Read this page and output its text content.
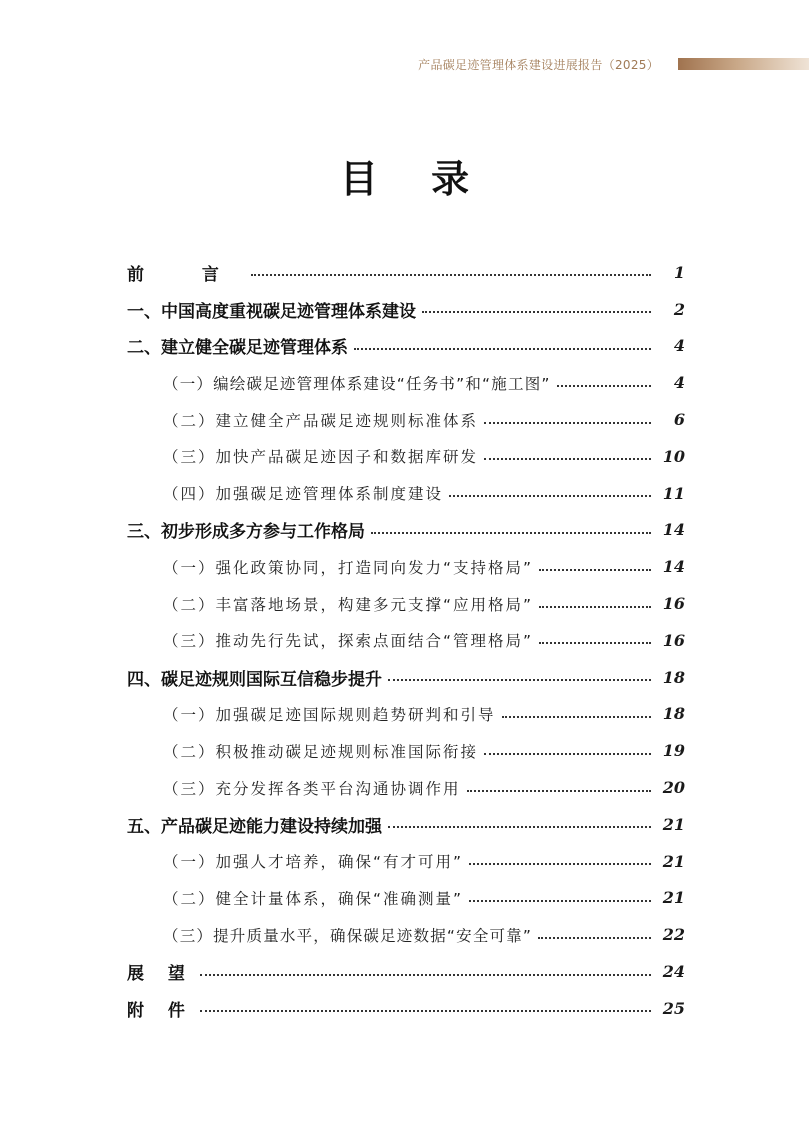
产品碳足迹管理体系建设进展报告（2025）
目 录
前 言	1
一、中国高度重视碳足迹管理体系建设	2
二、建立健全碳足迹管理体系	4
（一）编绘碳足迹管理体系建设“任务书”和“施工图”	4
（二）建立健全产品碳足迹规则标准体系	6
（三）加快产品碳足迹因子和数据库研发	10
（四）加强碳足迹管理体系制度建设	11
三、初步形成多方参与工作格局	14
（一）强化政策协同，打造同向发力“支持格局”	14
（二）丰富落地场景，构建多元支撑“应用格局”	16
（三）推动先行先试，探索点面结合“管理格局”	16
四、碳足迹规则国际互信稳步提升	18
（一）加强碳足迹国际规则趋势研判和引导	18
（二）积极推动碳足迹规则标准国际衔接	19
（三）充分发挥各类平台沟通协调作用	20
五、产品碳足迹能力建设持续加强	21
（一）加强人才培养，确保“有才可用”	21
（二）健全计量体系，确保“准确测量”	21
（三）提升质量水平，确保碳足迹数据“安全可靠”	22
展 望	24
附 件	25
